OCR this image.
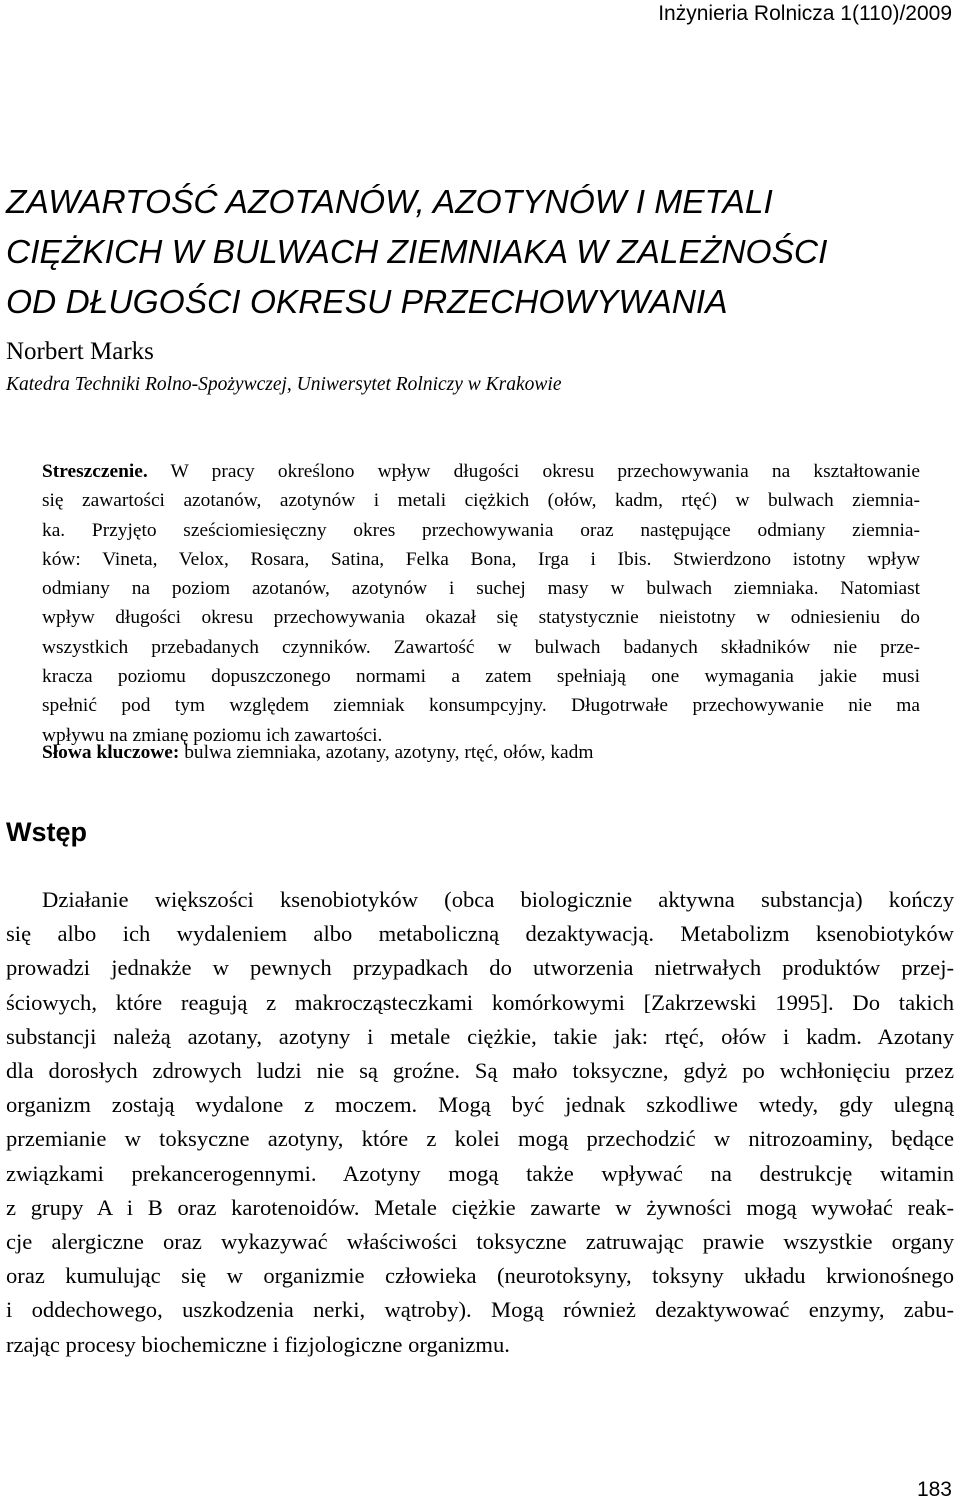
Inżynieria Rolnicza 1(110)/2009
ZAWARTOŚĆ AZOTANÓW, AZOTYNÓW I METALI
CIĘŻKICH W BULWACH ZIEMNIAKA W ZALEŻNOŚCI
OD DŁUGOŚCI OKRESU PRZECHOWYWANIA
Norbert Marks
Katedra Techniki Rolno-Spożywczej, Uniwersytet Rolniczy w Krakowie
Streszczenie. W pracy określono wpływ długości okresu przechowywania na kształtowanie
się zawartości azotanów, azotynów i metali ciężkich (ołów, kadm, rtęć) w bulwach ziemnia-
ka. Przyjęto sześciomiesięczny okres przechowywania oraz następujące odmiany ziemnia-
ków: Vineta, Velox, Rosara, Satina, Felka Bona, Irga i Ibis. Stwierdzono istotny wpływ
odmiany na poziom azotanów, azotynów i suchej masy w bulwach ziemniaka. Natomiast
wpływ długości okresu przechowywania okazał się statystycznie nieistotny w odniesieniu do
wszystkich przebadanych czynników. Zawartość w bulwach badanych składników nie prze-
kracza poziomu dopuszczonego normami a zatem spełniają one wymagania jakie musi
spełnić pod tym względem ziemniak konsumpcyjny. Długotrwałe przechowywanie nie ma
wpływu na zmianę poziomu ich zawartości.
Słowa kluczowe: bulwa ziemniaka, azotany, azotyny, rtęć, ołów, kadm
Wstęp
Działanie większości ksenobiotyków (obca biologicznie aktywna substancja) kończy
się albo ich wydaleniem albo metaboliczną dezaktywacją. Metabolizm ksenobiotyków
prowadzi jednakże w pewnych przypadkach do utworzenia nietrwałych produktów przej-
ściowych, które reagują z makrocząsteczkami komórkowymi [Zakrzewski 1995]. Do takich
substancji należą azotany, azotyny i metale ciężkie, takie jak: rtęć, ołów i kadm. Azotany
dla dorosłych zdrowych ludzi nie są groźne. Są mało toksyczne, gdyż po wchłonięciu przez
organizm zostają wydalone z moczem. Mogą być jednak szkodliwe wtedy, gdy ulegną
przemianie w toksyczne azotyny, które z kolei mogą przechodzić w nitrozoaminy, będące
związkami prekancerogennymi. Azotyny mogą także wpływać na destrukcję witamin
z grupy A i B oraz karotenoidów. Metale ciężkie zawarte w żywności mogą wywołać reak-
cje alergiczne oraz wykazywać właściwości toksyczne zatruwając prawie wszystkie organy
oraz kumulując się w organizmie człowieka (neurotoksyny, toksyny układu krwionośnego
i oddechowego, uszkodzenia nerki, wątroby). Mogą również dezaktywować enzymy, zabu-
rzając procesy biochemiczne i fizjologiczne organizmu.
183
